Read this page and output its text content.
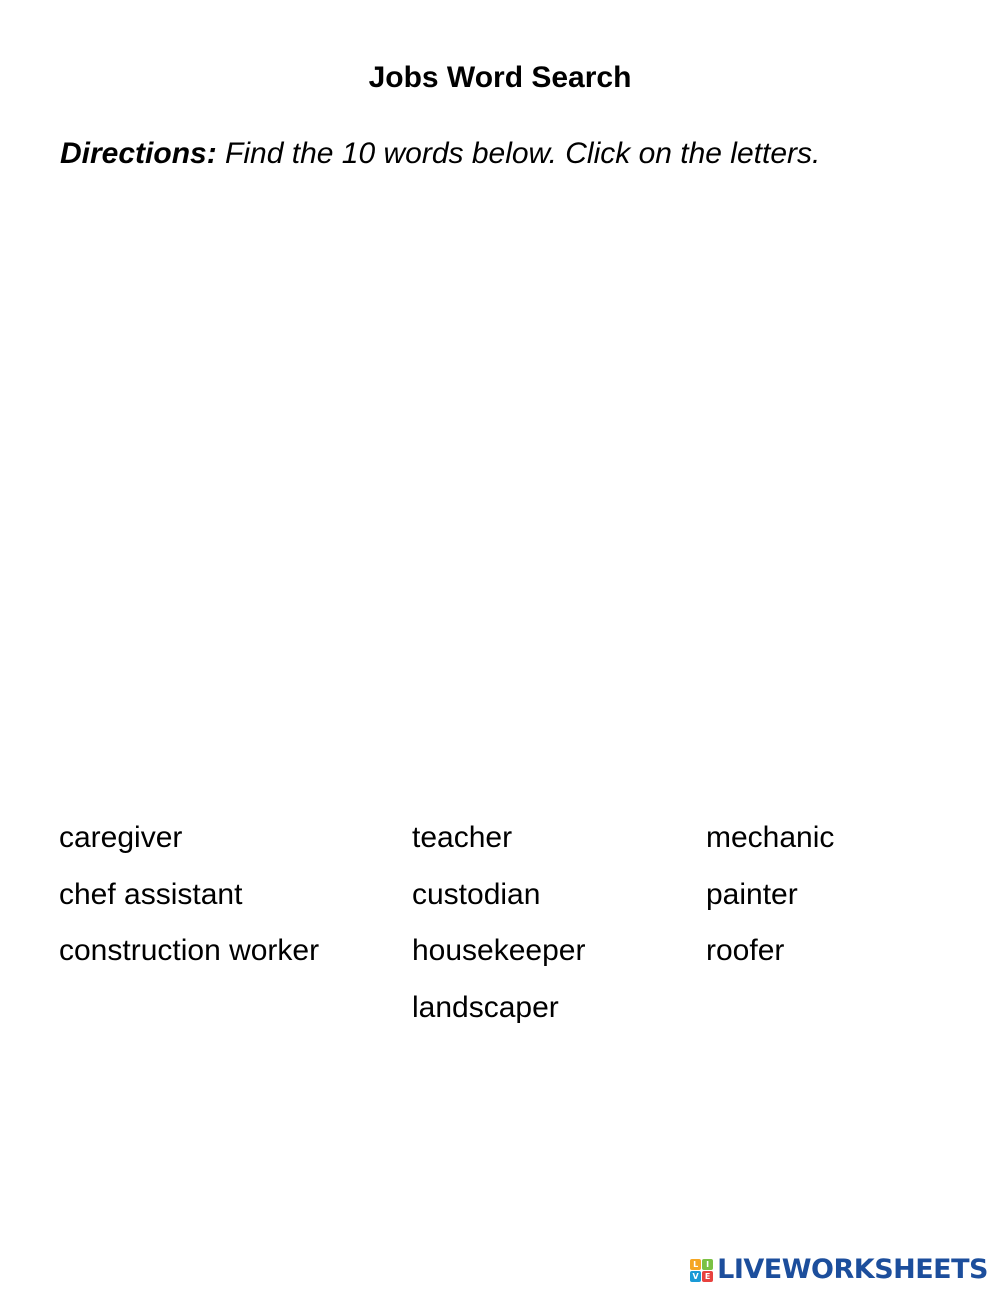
Jobs Word Search
Directions: Find the 10 words below. Click on the letters.
caregiver
chef assistant
construction worker
teacher
custodian
housekeeper
landscaper
mechanic
painter
roofer
L I
V E LIVEWORKSHEETS
